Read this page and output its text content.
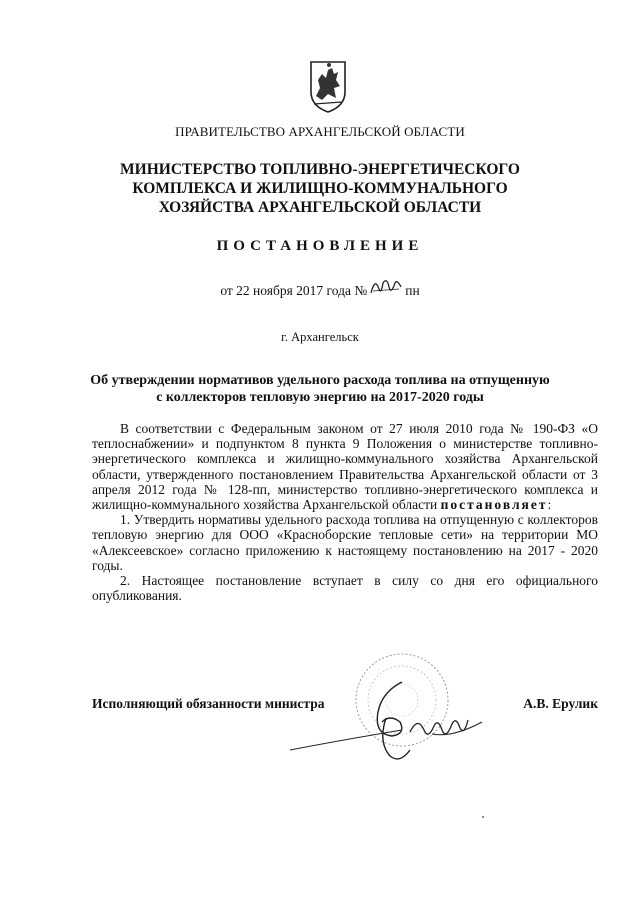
ПРАВИТЕЛЬСТВО АРХАНГЕЛЬСКОЙ ОБЛАСТИ
МИНИСТЕРСТВО ТОПЛИВНО-ЭНЕРГЕТИЧЕСКОГО
КОМПЛЕКСА И ЖИЛИЩНО-КОММУНАЛЬНОГО
ХОЗЯЙСТВА АРХАНГЕЛЬСКОЙ ОБЛАСТИ
ПОСТАНОВЛЕНИЕ
от 22 ноября 2017 года №	пн
г. Архангельск
Об утверждении нормативов удельного расхода топлива на отпущенную
с коллекторов тепловую энергию на 2017-2020 годы

В соответствии с Федеральным законом от 27 июля 2010 года № 190-ФЗ «О теплоснабжении» и подпунктом 8 пункта 9 Положения о министерстве топливно-энергетического комплекса и жилищно-коммунального хозяйства Архангельской области, утвержденного постановлением Правительства Архангельской области от 3 апреля 2012 года № 128-пп, министерство топливно-энергетического комплекса и жилищно-коммунального хозяйства Архангельской области постановляет:

1. Утвердить нормативы удельного расхода топлива на отпущенную с коллекторов тепловую энергию для ООО «Красноборские тепловые сети» на территории МО «Алексеевское» согласно приложению к настоящему постановлению на 2017 - 2020 годы.

2. Настоящее постановление вступает в силу со дня его официального опубликования.

Исполняющий обязанности министра	А.В. Ерулик
